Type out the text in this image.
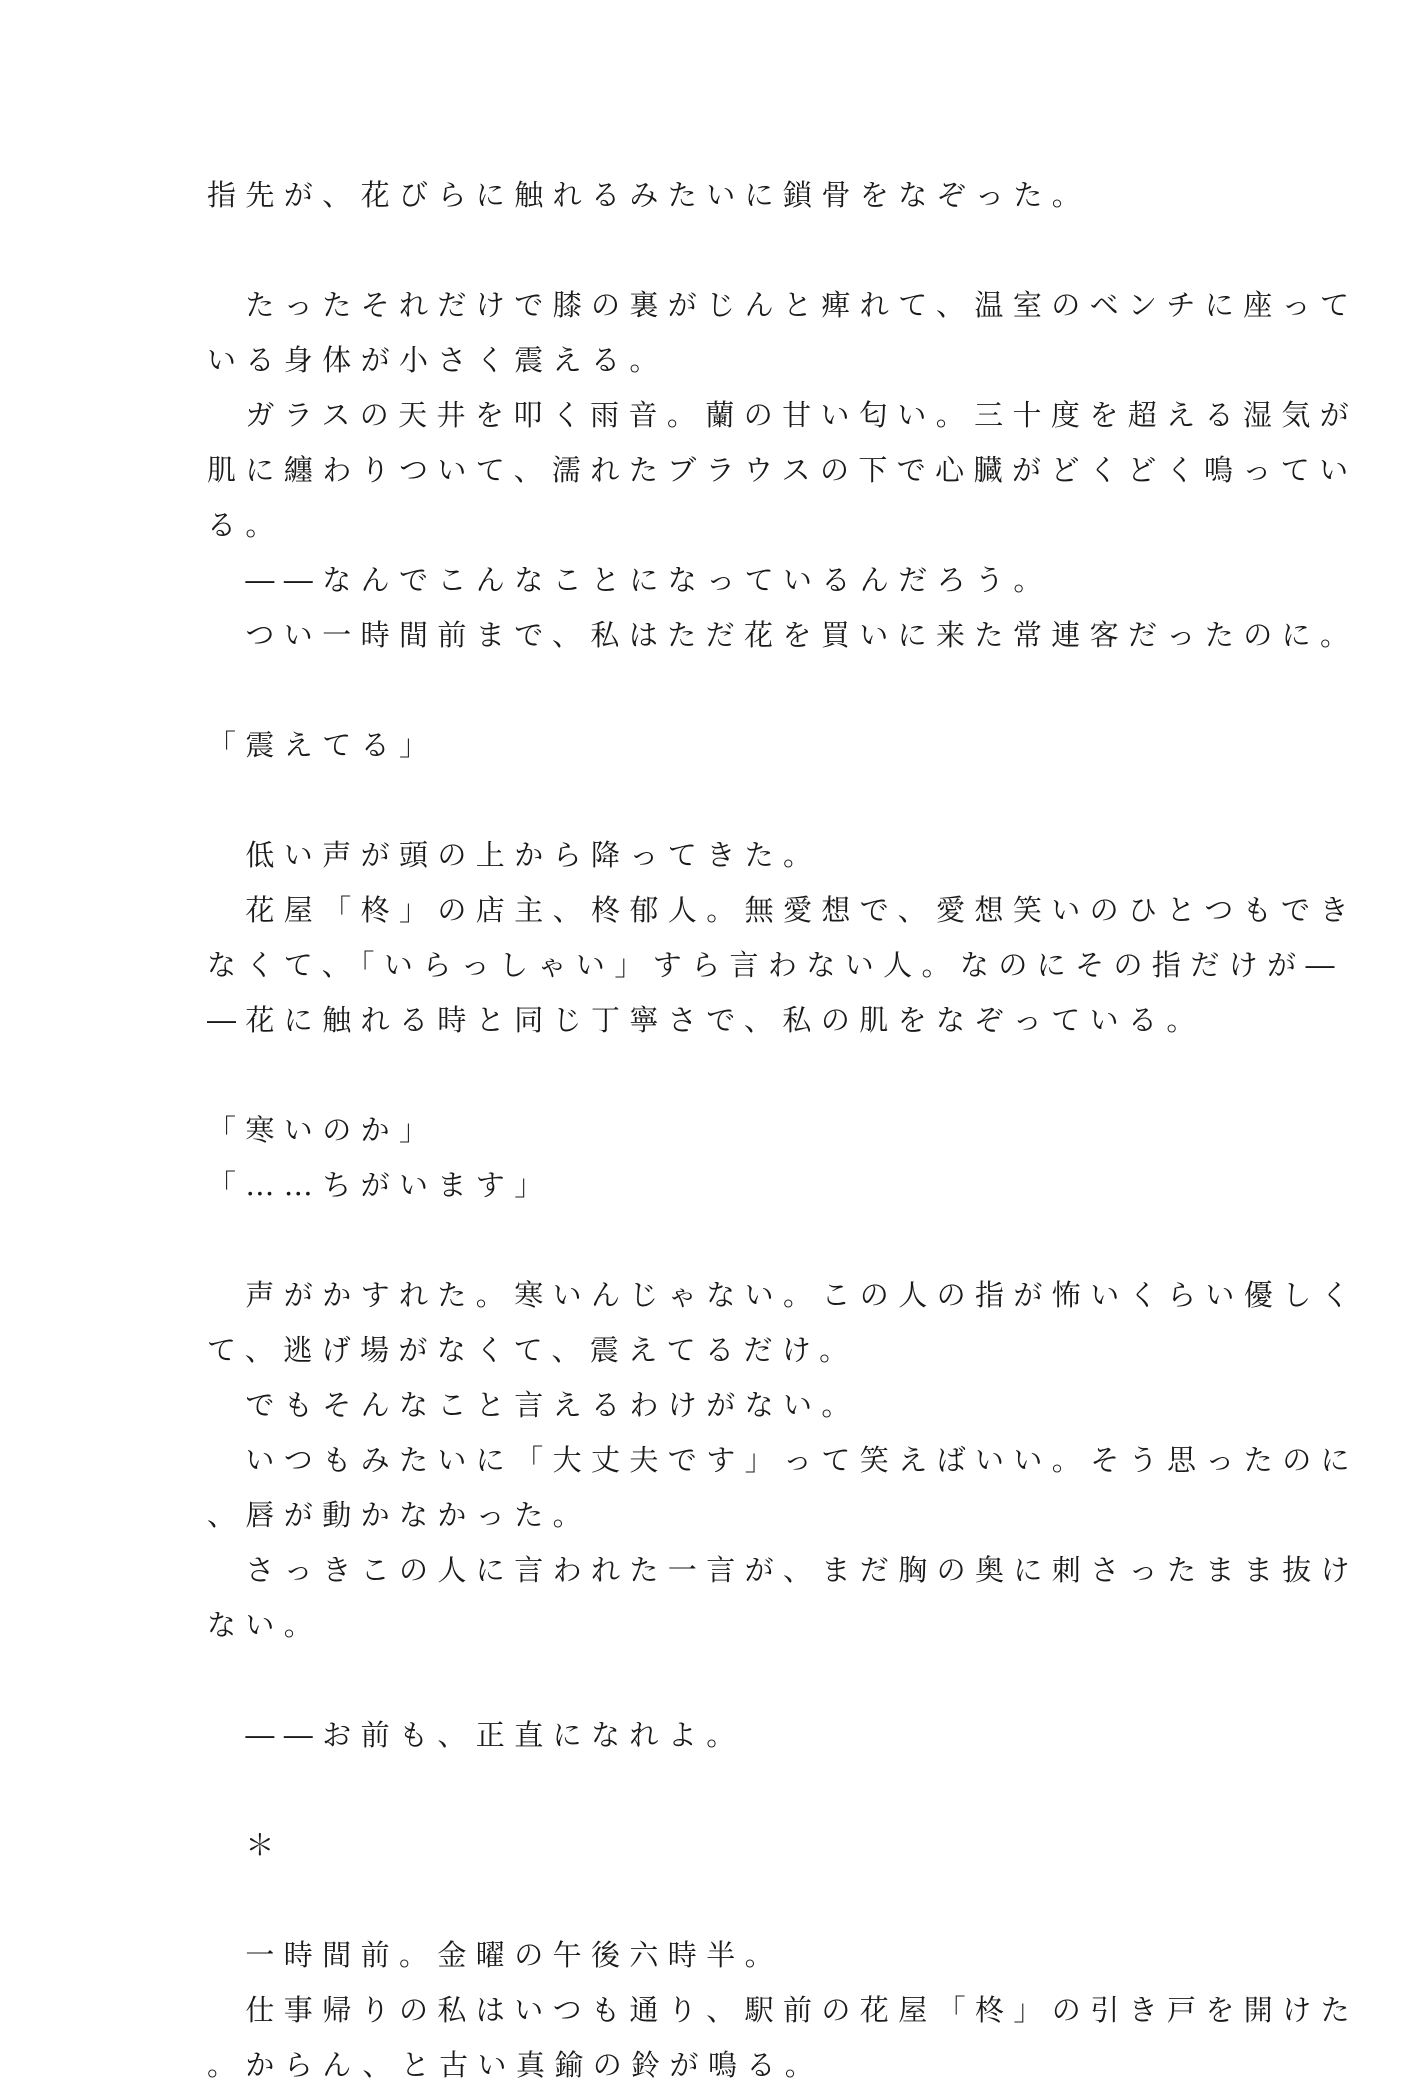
指先が、花びらに触れるみたいに鎖骨をなぞった。
　たったそれだけで膝の裏がじんと痺れて、温室のベンチに座って
いる身体が小さく震える。
　ガラスの天井を叩く雨音。蘭の甘い匂い。三十度を超える湿気が
肌に纏わりついて、濡れたブラウスの下で心臓がどくどく鳴ってい
る。
　――なんでこんなことになっているんだろう。
　つい一時間前まで、私はただ花を買いに来た常連客だったのに。
「震えてる」
　低い声が頭の上から降ってきた。
　花屋「柊」の店主、柊郁人。無愛想で、愛想笑いのひとつもでき
なくて、「いらっしゃい」すら言わない人。なのにその指だけが―
―花に触れる時と同じ丁寧さで、私の肌をなぞっている。
「寒いのか」
「……ちがいます」
　声がかすれた。寒いんじゃない。この人の指が怖いくらい優しく
て、逃げ場がなくて、震えてるだけ。
　でもそんなこと言えるわけがない。
　いつもみたいに「大丈夫です」って笑えばいい。そう思ったのに
、唇が動かなかった。
　さっきこの人に言われた一言が、まだ胸の奥に刺さったまま抜け
ない。
　――お前も、正直になれよ。
　＊
　一時間前。金曜の午後六時半。
　仕事帰りの私はいつも通り、駅前の花屋「柊」の引き戸を開けた
。からん、と古い真鍮の鈴が鳴る。
